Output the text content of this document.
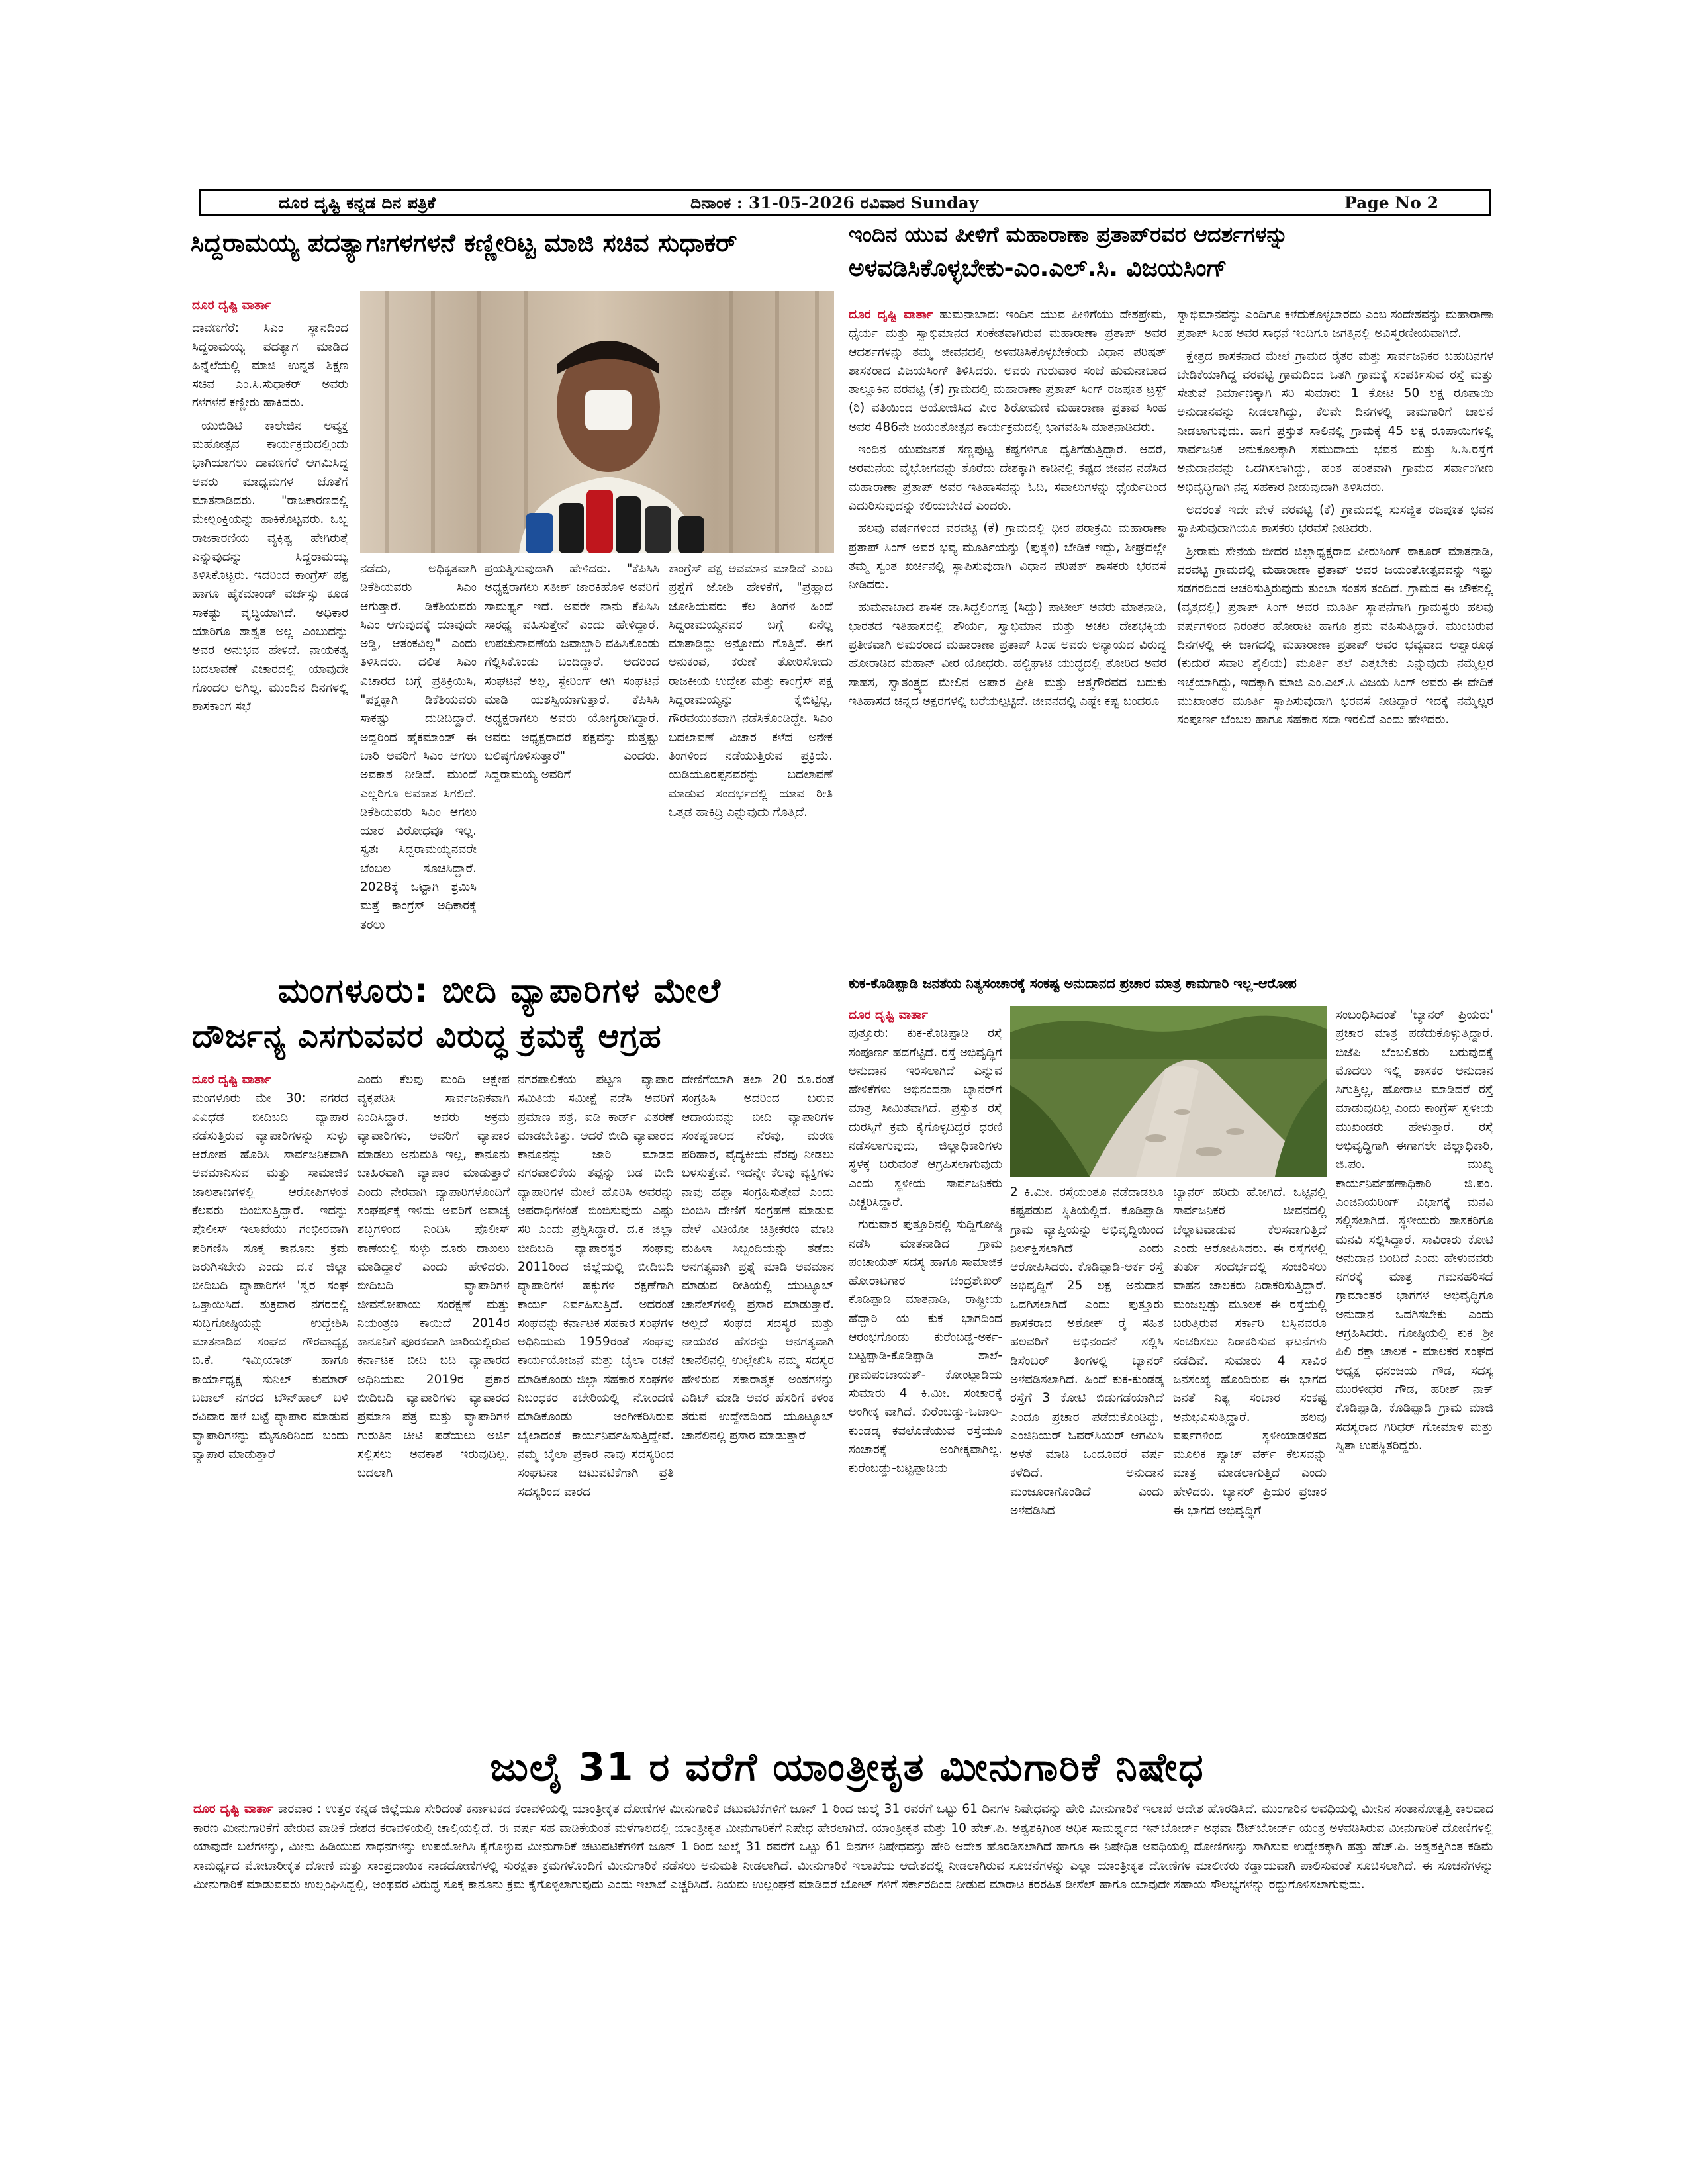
ದೂರ ದೃಷ್ಟಿ ಕನ್ನಡ ದಿನ ಪತ್ರಿಕೆ	ದಿನಾಂಕ : 31-05-2026 ರವಿವಾರ Sunday	Page No 2
ಸಿದ್ದರಾಮಯ್ಯ ಪದತ್ಯಾಗಃಗಳಗಳನೆ ಕಣ್ಣೀರಿಟ್ಟ ಮಾಜಿ ಸಚಿವ ಸುಧಾಕರ್

ದೂರ ದೃಷ್ಟಿ ವಾರ್ತಾ

ದಾವಣಗೆರೆ: ಸಿಎಂ ಸ್ಥಾನದಿಂದ ಸಿದ್ದರಾಮಯ್ಯ ಪದತ್ಯಾಗ ಮಾಡಿದ ಹಿನ್ನೆಲೆಯಲ್ಲಿ ಮಾಜಿ ಉನ್ನತ ಶಿಕ್ಷಣ ಸಚಿವ ಎಂ.ಸಿ.ಸುಧಾಕರ್ ಅವರು ಗಳಗಳನೆ ಕಣ್ಣೀರು ಹಾಕಿದರು.

ಯುಬಿಡಿಟಿ ಕಾಲೇಜಿನ ಅವ್ಯಕ್ತ ಮಹೋತ್ಸವ ಕಾರ್ಯಕ್ರಮದಲ್ಲಿಂದು ಭಾಗಿಯಾಗಲು ದಾವಣಗೆರೆ ಆಗಮಿಸಿದ್ದ ಅವರು ಮಾಧ್ಯಮಗಳ ಜೊತೆಗೆ ಮಾತನಾಡಿದರು. "ರಾಜಕಾರಣದಲ್ಲಿ ಮೇಲ್ಪಂಕ್ತಿಯನ್ನು ಹಾಕಿಕೊಟ್ಟವರು. ಒಬ್ಬ ರಾಜಕಾರಣಿಯ ವ್ಯಕ್ತಿತ್ವ ಹೇಗಿರುತ್ತೆ ಎನ್ನುವುದನ್ನು ಸಿದ್ದರಾಮಯ್ಯ ತಿಳಿಸಿಕೊಟ್ಟರು. ಇದರಿಂದ ಕಾಂಗ್ರೆಸ್ ಪಕ್ಷ ಹಾಗೂ ಹೈಕಮಾಂಡ್ ವರ್ಚಸ್ಸು ಕೂಡ ಸಾಕಷ್ಟು ವೃದ್ಧಿಯಾಗಿದೆ. ಅಧಿಕಾರ ಯಾರಿಗೂ ಶಾಶ್ವತ ಅಲ್ಲ ಎಂಬುದನ್ನು ಅವರ ಅನುಭವ ಹೇಳಿದೆ. ನಾಯಕತ್ವ ಬದಲಾವಣೆ ವಿಚಾರದಲ್ಲಿ ಯಾವುದೇ ಗೊಂದಲ ಅಗಿಲ್ಲ. ಮುಂದಿನ ದಿನಗಳಲ್ಲಿ ಶಾಸಕಾಂಗ ಸಭೆ

ನಡೆದು, ಅಧಿಕೃತವಾಗಿ ಡಿಕೆಶಿಯವರು ಸಿಎಂ ಆಗುತ್ತಾರೆ. ಡಿಕೆಶಿಯವರು ಸಿಎಂ ಆಗುವುದಕ್ಕೆ ಯಾವುದೇ ಅಡ್ಡಿ, ಆತಂಕವಿಲ್ಲ" ಎಂದು ತಿಳಿಸಿದರು. ದಲಿತ ಸಿಎಂ ವಿಚಾರದ ಬಗ್ಗೆ ಪ್ರತಿಕ್ರಿಯಿಸಿ, "ಪಕ್ಷಕ್ಕಾಗಿ ಡಿಕೆಶಿಯವರು ಸಾಕಷ್ಟು ದುಡಿದಿದ್ದಾರೆ. ಅದ್ದರಿಂದ ಹೈಕಮಾಂಡ್ ಈ ಬಾರಿ ಅವರಿಗೆ ಸಿಎಂ ಆಗಲು ಅವಕಾಶ ನೀಡಿದೆ. ಮುಂದೆ ಎಲ್ಲರಿಗೂ ಅವಕಾಶ ಸಿಗಲಿದೆ. ಡಿಕೆಶಿಯವರು ಸಿಎಂ ಆಗಲು ಯಾರ ವಿರೋಧವೂ ಇಲ್ಲ. ಸ್ವತಃ ಸಿದ್ದರಾಮಯ್ಯನವರೇ ಬೆಂಬಲ ಸೂಚಿಸಿದ್ದಾರೆ. 2028ಕ್ಕೆ ಒಟ್ಟಾಗಿ ಶ್ರಮಿಸಿ ಮತ್ತೆ ಕಾಂಗ್ರೆಸ್ ಅಧಿಕಾರಕ್ಕೆ ತರಲು

ಪ್ರಯತ್ನಿಸುವುದಾಗಿ ಹೇಳಿದರು. "ಕೆಪಿಸಿಸಿ ಅಧ್ಯಕ್ಷರಾಗಲು ಸತೀಶ್ ಜಾರಕಿಹೊಳಿ ಅವರಿಗೆ ಸಾಮರ್ಥ್ಯ ಇದೆ. ಅವರೇ ನಾನು ಕೆಪಿಸಿಸಿ ಸಾರಥ್ಯ ವಹಿಸುತ್ತೇನೆ ಎಂದು ಹೇಳಿದ್ದಾರೆ. ಉಪಚುನಾವಣೆಯ ಜವಾಬ್ದಾರಿ ವಹಿಸಿಕೊಂಡು ಗೆಲ್ಲಿಸಿಕೊಂಡು ಬಂದಿದ್ದಾರೆ. ಅದರಿಂದ ಸಂಘಟನೆ ಅಲ್ಲ, ಸ್ಟೇರಿಂಗ್ ಆಗಿ ಸಂಘಟನೆ ಮಾಡಿ ಯಶಸ್ವಿಯಾಗುತ್ತಾರೆ. ಕೆಪಿಸಿಸಿ ಅಧ್ಯಕ್ಷರಾಗಲು ಅವರು ಯೋಗ್ಯರಾಗಿದ್ದಾರೆ. ಅವರು ಅಧ್ಯಕ್ಷರಾದರೆ ಪಕ್ಷವನ್ನು ಮತ್ತಷ್ಟು ಬಲಿಷ್ಠಗೊಳಿಸುತ್ತಾರೆ" ಎಂದರು. ಸಿದ್ದರಾಮಯ್ಯ ಅವರಿಗೆ

ಕಾಂಗ್ರೆಸ್ ಪಕ್ಷ ಅವಮಾನ ಮಾಡಿದೆ ಎಂಬ ಪ್ರಶ್ನೆಗೆ ಜೋಶಿ ಹೇಳಿಕೆಗೆ, "ಪ್ರಹ್ಲಾದ ಜೋಶಿಯವರು ಕೆಲ ತಿಂಗಳ ಹಿಂದೆ ಸಿದ್ದರಾಮಯ್ಯನವರ ಬಗ್ಗೆ ಏನೆಲ್ಲ ಮಾತಾಡಿದ್ದು ಅನ್ನೋದು ಗೊತ್ತಿದೆ. ಈಗ ಅನುಕಂಪ, ಕರುಣೆ ತೋರಿಸೋದು ರಾಜಕೀಯ ಉದ್ದೇಶ ಮತ್ತು ಕಾಂಗ್ರೆಸ್ ಪಕ್ಷ ಸಿದ್ದರಾಮಯ್ಯನ್ನು ಕೈಬಿಟ್ಟಿಲ್ಲ, ಗೌರವಯುತವಾಗಿ ನಡೆಸಿಕೊಂಡಿದ್ದೇ. ಸಿಎಂ ಬದಲಾವಣೆ ವಿಚಾರ ಕಳೆದ ಅನೇಕ ತಿಂಗಳಿಂದ ನಡೆಯುತ್ತಿರುವ ಪ್ರಕ್ರಿಯೆ. ಯಡಿಯೂರಪ್ಪನವರನ್ನು ಬದಲಾವಣೆ ಮಾಡುವ ಸಂದರ್ಭದಲ್ಲಿ ಯಾವ ರೀತಿ ಒತ್ತಡ ಹಾಕಿದ್ರಿ ಎನ್ನುವುದು ಗೊತ್ತಿದೆ.

ಇಂದಿನ ಯುವ ಪೀಳಿಗೆ ಮಹಾರಾಣಾ ಪ್ರತಾಪ್‌ರವರ ಆದರ್ಶಗಳನ್ನು
ಅಳವಡಿಸಿಕೊಳ್ಳಬೇಕು-ಎಂ.ಎಲ್.ಸಿ. ವಿಜಯಸಿಂಗ್

ದೂರ ದೃಷ್ಟಿ ವಾರ್ತಾ ಹುಮನಾಬಾದ: ಇಂದಿನ ಯುವ ಪೀಳಿಗೆಯು ದೇಶಪ್ರೇಮ, ಧೈರ್ಯ ಮತ್ತು ಸ್ವಾಭಿಮಾನದ ಸಂಕೇತವಾಗಿರುವ ಮಹಾರಾಣಾ ಪ್ರತಾಪ್ ಅವರ ಆದರ್ಶಗಳನ್ನು ತಮ್ಮ ಜೀವನದಲ್ಲಿ ಅಳವಡಿಸಿಕೊಳ್ಳಬೇಕೆಂದು ವಿಧಾನ ಪರಿಷತ್ ಶಾಸಕರಾದ ವಿಜಯಸಿಂಗ್ ತಿಳಿಸಿದರು. ಅವರು ಗುರುವಾರ ಸಂಜೆ ಹುಮನಾಬಾದ ತಾಲ್ಲೂಕಿನ ವರವಟ್ಟಿ (ಕೆ) ಗ್ರಾಮದಲ್ಲಿ ಮಹಾರಾಣಾ ಪ್ರತಾಪ್ ಸಿಂಗ್ ರಜಪೂತ ಟ್ರಸ್ಟ್ (ರಿ) ವತಿಯಿಂದ ಆಯೋಜಿಸಿದ ವೀರ ಶಿರೋಮಣಿ ಮಹಾರಾಣಾ ಪ್ರತಾಪ ಸಿಂಹ ಅವರ 486ನೇ ಜಯಂತೋತ್ಸವ ಕಾರ್ಯಕ್ರಮದಲ್ಲಿ ಭಾಗವಹಿಸಿ ಮಾತನಾಡಿದರು.

ಇಂದಿನ ಯುವಜನತೆ ಸಣ್ಣಪುಟ್ಟ ಕಷ್ಟಗಳಿಗೂ ಧೃತಿಗೆಡುತ್ತಿದ್ದಾರೆ. ಆದರೆ, ಅರಮನೆಯ ವೈಭೋಗವನ್ನು ತೊರೆದು ದೇಶಕ್ಕಾಗಿ ಕಾಡಿನಲ್ಲಿ ಕಷ್ಟದ ಜೀವನ ನಡೆಸಿದ ಮಹಾರಾಣಾ ಪ್ರತಾಪ್ ಅವರ ಇತಿಹಾಸವನ್ನು ಓದಿ, ಸವಾಲುಗಳನ್ನು ಧೈರ್ಯದಿಂದ ಎದುರಿಸುವುದನ್ನು ಕಲಿಯಬೇಕಿದೆ ಎಂದರು.

ಹಲವು ವರ್ಷಗಳಿಂದ ವರವಟ್ಟಿ (ಕೆ) ಗ್ರಾಮದಲ್ಲಿ ಧೀರ ಪರಾಕ್ರಮಿ ಮಹಾರಾಣಾ ಪ್ರತಾಪ್ ಸಿಂಗ್ ಅವರ ಭವ್ಯ ಮೂರ್ತಿಯನ್ನು (ಪುತ್ಥಳಿ) ಬೇಡಿಕೆ ಇದ್ದು, ಶೀಘ್ರದಲ್ಲೇ ತಮ್ಮ ಸ್ವಂತ ಖರ್ಚಿನಲ್ಲಿ ಸ್ಥಾಪಿಸುವುದಾಗಿ ವಿಧಾನ ಪರಿಷತ್ ಶಾಸಕರು ಭರವಸೆ ನೀಡಿದರು.

ಹುಮನಾಬಾದ ಶಾಸಕ ಡಾ.ಸಿದ್ದಲಿಂಗಪ್ಪ (ಸಿದ್ದು) ಪಾಟೀಲ್ ಅವರು ಮಾತನಾಡಿ, ಭಾರತದ ಇತಿಹಾಸದಲ್ಲಿ ಶೌರ್ಯ, ಸ್ವಾಭಿಮಾನ ಮತ್ತು ಅಚಲ ದೇಶಭಕ್ತಿಯ ಪ್ರತೀಕವಾಗಿ ಅಮರರಾದ ಮಹಾರಾಣಾ ಪ್ರತಾಪ್ ಸಿಂಹ ಅವರು ಅನ್ಯಾಯದ ವಿರುದ್ಧ ಹೋರಾಡಿದ ಮಹಾನ್ ವೀರ ಯೋಧರು. ಹಲ್ದಿಘಾಟಿ ಯುದ್ಧದಲ್ಲಿ ತೋರಿದ ಅವರ ಸಾಹಸ, ಸ್ವಾತಂತ್ರ್ಯದ ಮೇಲಿನ ಅಪಾರ ಪ್ರೀತಿ ಮತ್ತು ಆತ್ಮಗೌರವದ ಬದುಕು ಇತಿಹಾಸದ ಚಿನ್ನದ ಅಕ್ಷರಗಳಲ್ಲಿ ಬರೆಯಲ್ಪಟ್ಟಿದೆ. ಜೀವನದಲ್ಲಿ ಎಷ್ಟೇ ಕಷ್ಟ ಬಂದರೂ

ಸ್ವಾಭಿಮಾನವನ್ನು ಎಂದಿಗೂ ಕಳೆದುಕೊಳ್ಳಬಾರದು ಎಂಬ ಸಂದೇಶವನ್ನು ಮಹಾರಾಣಾ ಪ್ರತಾಪ್ ಸಿಂಹ ಅವರ ಸಾಧನೆ ಇಂದಿಗೂ ಜಗತ್ತಿನಲ್ಲಿ ಅವಿಸ್ಮರಣೀಯವಾಗಿದೆ.

ಕ್ಷೇತ್ರದ ಶಾಸಕನಾದ ಮೇಲೆ ಗ್ರಾಮದ ರೈತರ ಮತ್ತು ಸಾರ್ವಜನಿಕರ ಬಹುದಿನಗಳ ಬೇಡಿಕೆಯಾಗಿದ್ದ ವರವಟ್ಟಿ ಗ್ರಾಮದಿಂದ ಓತಗಿ ಗ್ರಾಮಕ್ಕೆ ಸಂಪರ್ಕಿಸುವ ರಸ್ತೆ ಮತ್ತು ಸೇತುವೆ ನಿರ್ಮಾಣಕ್ಕಾಗಿ ಸರಿ ಸುಮಾರು 1 ಕೋಟಿ 50 ಲಕ್ಷ ರೂಪಾಯಿ ಅನುದಾನವನ್ನು ನೀಡಲಾಗಿದ್ದು, ಕೆಲವೇ ದಿನಗಳಲ್ಲಿ ಕಾಮಗಾರಿಗೆ ಚಾಲನೆ ನೀಡಲಾಗುವುದು. ಹಾಗೆ ಪ್ರಸ್ತುತ ಸಾಲಿನಲ್ಲಿ ಗ್ರಾಮಕ್ಕೆ 45 ಲಕ್ಷ ರೂಪಾಯಿಗಳಲ್ಲಿ ಸಾರ್ವಜನಿಕ ಅನುಕೂಲಕ್ಕಾಗಿ ಸಮುದಾಯ ಭವನ ಮತ್ತು ಸಿ.ಸಿ.ರಸ್ತೆಗೆ ಅನುದಾನವನ್ನು ಒದಗಿಸಲಾಗಿದ್ದು, ಹಂತ ಹಂತವಾಗಿ ಗ್ರಾಮದ ಸರ್ವಾಂಗೀಣ ಅಭಿವೃದ್ಧಿಗಾಗಿ ನನ್ನ ಸಹಕಾರ ನೀಡುವುದಾಗಿ ತಿಳಿಸಿದರು.

ಅದರಂತೆ ಇದೇ ವೇಳೆ ವರವಟ್ಟಿ (ಕೆ) ಗ್ರಾಮದಲ್ಲಿ ಸುಸಜ್ಜಿತ ರಜಪೂತ ಭವನ ಸ್ಥಾಪಿಸುವುದಾಗಿಯೂ ಶಾಸಕರು ಭರವಸೆ ನೀಡಿದರು.

ಶ್ರೀರಾಮ ಸೇನೆಯ ಬೀದರ ಜಿಲ್ಲಾಧ್ಯಕ್ಷರಾದ ವೀರುಸಿಂಗ್ ಠಾಕೂರ್ ಮಾತನಾಡಿ, ವರವಟ್ಟಿ ಗ್ರಾಮದಲ್ಲಿ ಮಹಾರಾಣಾ ಪ್ರತಾಪ್ ಅವರ ಜಯಂತೋತ್ಸವವನ್ನು ಇಷ್ಟು ಸಡಗರದಿಂದ ಆಚರಿಸುತ್ತಿರುವುದು ತುಂಬಾ ಸಂತಸ ತಂದಿದೆ. ಗ್ರಾಮದ ಈ ಚೌಕನಲ್ಲಿ (ವೃತ್ತದಲ್ಲಿ) ಪ್ರತಾಪ್ ಸಿಂಗ್ ಅವರ ಮೂರ್ತಿ ಸ್ಥಾಪನೆಗಾಗಿ ಗ್ರಾಮಸ್ಥರು ಹಲವು ವರ್ಷಗಳಿಂದ ನಿರಂತರ ಹೋರಾಟ ಹಾಗೂ ಶ್ರಮ ವಹಿಸುತ್ತಿದ್ದಾರೆ. ಮುಂಬರುವ ದಿನಗಳಲ್ಲಿ ಈ ಜಾಗದಲ್ಲಿ ಮಹಾರಾಣಾ ಪ್ರತಾಪ್ ಅವರ ಭವ್ಯವಾದ ಅಶ್ವಾರೂಢ (ಕುದುರೆ ಸವಾರಿ ಶೈಲಿಯ) ಮೂರ್ತಿ ತಲೆ ಎತ್ತಬೇಕು ಎನ್ನುವುದು ನಮ್ಮೆಲ್ಲರ ಇಚ್ಛೆಯಾಗಿದ್ದು, ಇದಕ್ಕಾಗಿ ಮಾಜಿ ಎಂ.ಎಲ್.ಸಿ ವಿಜಯ ಸಿಂಗ್ ಅವರು ಈ ವೇದಿಕೆ ಮುಖಾಂತರ ಮೂರ್ತಿ ಸ್ಥಾಪಿಸುವುದಾಗಿ ಭರವಸೆ ನೀಡಿದ್ದಾರೆ ಇದಕ್ಕೆ ನಮ್ಮೆಲ್ಲರ ಸಂಪೂರ್ಣ ಬೆಂಬಲ ಹಾಗೂ ಸಹಕಾರ ಸದಾ ಇರಲಿದೆ ಎಂದು ಹೇಳಿದರು.

ಮಂಗಳೂರು: ಬೀದಿ ವ್ಯಾಪಾರಿಗಳ ಮೇಲೆ
ದೌರ್ಜನ್ಯ ಎಸಗುವವರ ವಿರುದ್ಧ ಕ್ರಮಕ್ಕೆ ಆಗ್ರಹ

ದೂರ ದೃಷ್ಟಿ ವಾರ್ತಾ
ಮಂಗಳೂರು ಮೇ 30: ನಗರದ ವಿವಿಧೆಡೆ ಬೀದಿಬದಿ ವ್ಯಾಪಾರ ನಡೆಸುತ್ತಿರುವ ವ್ಯಾಪಾರಿಗಳನ್ನು ಸುಳ್ಳು ಆರೋಪ ಹೊರಿಸಿ ಸಾರ್ವಜನಿಕವಾಗಿ ಅವಮಾನಿಸುವ ಮತ್ತು ಸಾಮಾಜಿಕ ಜಾಲತಾಣಗಳಲ್ಲಿ ಆರೋಪಿಗಳಂತೆ ಕೆಲವರು ಬಿಂಬಿಸುತ್ತಿದ್ದಾರೆ. ಇದನ್ನು ಪೊಲೀಸ್ ಇಲಾಖೆಯು ಗಂಭೀರವಾಗಿ ಪರಿಗಣಿಸಿ ಸೂಕ್ತ ಕಾನೂನು ಕ್ರಮ ಜರುಗಿಸಬೇಕು ಎಂದು ದ.ಕ ಜಿಲ್ಲಾ ಬೀದಿಬದಿ ವ್ಯಾಪಾರಿಗಳ 'ಸ್ವರ ಸಂಘ ಒತ್ತಾಯಿಸಿದೆ. ಶುಕ್ರವಾರ ನಗರದಲ್ಲಿ ಸುದ್ದಿಗೋಷ್ಠಿಯನ್ನು ಉದ್ದೇಶಿಸಿ ಮಾತನಾಡಿದ ಸಂಘದ ಗೌರವಾಧ್ಯಕ್ಷ ಬಿ.ಕೆ. ಇಮ್ತಿಯಾಜ್ ಹಾಗೂ ಕಾರ್ಯಾಧ್ಯಕ್ಷ ಸುನಿಲ್ ಕುಮಾರ್ ಬಜಾಲ್ ನಗರದ ಟೌನ್‌ಹಾಲ್ ಬಳಿ ರವಿವಾರ ಹಳೆ ಬಟ್ಟೆ ವ್ಯಾಪಾರ ಮಾಡುವ ವ್ಯಾಪಾರಿಗಳನ್ನು ಮೈಸೂರಿನಿಂದ ಬಂದು ವ್ಯಾಪಾರ ಮಾಡುತ್ತಾರೆ

ಎಂದು ಕೆಲವು ಮಂದಿ ಆಕ್ಷೇಪ ವ್ಯಕ್ತಪಡಿಸಿ ಸಾರ್ವಜನಿಕವಾಗಿ ನಿಂದಿಸಿದ್ದಾರೆ. ಅವರು ಅಕ್ರಮ ವ್ಯಾಪಾರಿಗಳು, ಅವರಿಗೆ ವ್ಯಾಪಾರ ಮಾಡಲು ಅನುಮತಿ ಇಲ್ಲ, ಕಾನೂನು ಬಾಹಿರವಾಗಿ ವ್ಯಾಪಾರ ಮಾಡುತ್ತಾರೆ ಎಂದು ನೇರವಾಗಿ ವ್ಯಾಪಾರಿಗಳೊಂದಿಗೆ ಸಂಘರ್ಷಕ್ಕೆ ಇಳಿದು ಅವರಿಗೆ ಅವಾಚ್ಯ ಶಬ್ದಗಳಿಂದ ನಿಂದಿಸಿ ಪೊಲೀಸ್ ಠಾಣೆಯಲ್ಲಿ ಸುಳ್ಳು ದೂರು ದಾಖಲು ಮಾಡಿದ್ದಾರೆ ಎಂದು ಹೇಳಿದರು. ಬೀದಿಬದಿ ವ್ಯಾಪಾರಿಗಳ ಜೀವನೋಪಾಯ ಸಂರಕ್ಷಣೆ ಮತ್ತು ನಿಯಂತ್ರಣ ಕಾಯಿದೆ 2014ರ ಕಾನೂನಿಗೆ ಪೂರಕವಾಗಿ ಜಾರಿಯಲ್ಲಿರುವ ಕರ್ನಾಟಕ ಬೀದಿ ಬದಿ ವ್ಯಾಪಾರದ ಅಧಿನಿಯಮ 2019ರ ಪ್ರಕಾರ ಬೀದಿಬದಿ ವ್ಯಾಪಾರಿಗಳು ವ್ಯಾಪಾರದ ಪ್ರಮಾಣ ಪತ್ರ ಮತ್ತು ವ್ಯಾಪಾರಿಗಳ ಗುರುತಿನ ಚೀಟಿ ಪಡೆಯಲು ಅರ್ಜಿ ಸಲ್ಲಿಸಲು ಅವಕಾಶ ಇರುವುದಿಲ್ಲ. ಬದಲಾಗಿ

ನಗರಪಾಲಿಕೆಯ ಪಟ್ಟಣ ವ್ಯಾಪಾರ ಸಮಿತಿಯ ಸಮೀಕ್ಷೆ ನಡೆಸಿ ಅವರಿಗೆ ಪ್ರಮಾಣ ಪತ್ರ, ಐಡಿ ಕಾರ್ಡ್ ವಿತರಣೆ ಮಾಡಬೇಕಿತ್ತು. ಆದರೆ ಬೀದಿ ವ್ಯಾಪಾರದ ಕಾನೂನನ್ನು ಜಾರಿ ಮಾಡದ ನಗರಪಾಲಿಕೆಯ ತಪ್ಪನ್ನು ಬಡ ಬೀದಿ ವ್ಯಾಪಾರಿಗಳ ಮೇಲೆ ಹೊರಿಸಿ ಅವರನ್ನು ಅಪರಾಧಿಗಳಂತೆ ಬಿಂಬಿಸುವುದು ಎಷ್ಟು ಸರಿ ಎಂದು ಪ್ರಶ್ನಿಸಿದ್ದಾರೆ. ದ.ಕ ಜಿಲ್ಲಾ ಬೀದಿಬದಿ ವ್ಯಾಪಾರಸ್ಥರ ಸಂಘವು 2011ರಿಂದ ಜಿಲ್ಲೆಯಲ್ಲಿ ಬೀದಿಬದಿ ವ್ಯಾಪಾರಿಗಳ ಹಕ್ಕುಗಳ ರಕ್ಷಣೆಗಾಗಿ ಕಾರ್ಯ ನಿರ್ವಹಿಸುತ್ತಿದೆ. ಅದರಂತೆ ಸಂಘವನ್ನು ಕರ್ನಾಟಕ ಸಹಕಾರ ಸಂಘಗಳ ಅಧಿನಿಯಮ 1959ರಂತೆ ಸಂಘವು ಕಾರ್ಯಯೋಜನೆ ಮತ್ತು ಬೈಲಾ ರಚನೆ ಮಾಡಿಕೊಂಡು ಜಿಲ್ಲಾ ಸಹಕಾರ ಸಂಘಗಳ ನಿಬಂಧಕರ ಕಚೇರಿಯಲ್ಲಿ ನೋಂದಣಿ ಮಾಡಿಕೊಂಡು ಅಂಗೀಕರಿಸಿರುವ ಬೈಲಾದಂತೆ ಕಾರ್ಯನಿರ್ವಹಿಸುತ್ತಿದ್ದೇವೆ. ನಮ್ಮ ಬೈಲಾ ಪ್ರಕಾರ ನಾವು ಸದಸ್ಯರಿಂದ ಸಂಘಟನಾ ಚಟುವಟಿಕೆಗಾಗಿ ಪ್ರತಿ ಸದಸ್ಯರಿಂದ ವಾರದ

ದೇಣಿಗೆಯಾಗಿ ತಲಾ 20 ರೂ.ರಂತೆ ಸಂಗ್ರಹಿಸಿ ಅದರಿಂದ ಬರುವ ಆದಾಯವನ್ನು ಬೀದಿ ವ್ಯಾಪಾರಿಗಳ ಸಂಕಷ್ಟಕಾಲದ ನೆರವು, ಮರಣ ಪರಿಹಾರ, ವೈದ್ಯಕೀಯ ನೆರವು ನೀಡಲು ಬಳಸುತ್ತೇವೆ. ಇದನ್ನೇ ಕೆಲವು ವ್ಯಕ್ತಿಗಳು ನಾವು ಹಫ್ತಾ ಸಂಗ್ರಹಿಸುತ್ತೇವೆ ಎಂದು ಬಿಂಬಿಸಿ ದೇಣಿಗೆ ಸಂಗ್ರಹಣೆ ಮಾಡುವ ವೇಳೆ ವಿಡಿಯೋ ಚಿತ್ರೀಕರಣ ಮಾಡಿ ಮಹಿಳಾ ಸಿಬ್ಬಂದಿಯನ್ನು ತಡೆದು ಅನಗತ್ಯವಾಗಿ ಪ್ರಶ್ನೆ ಮಾಡಿ ಅವಮಾನ ಮಾಡುವ ರೀತಿಯಲ್ಲಿ ಯುಟ್ಯೂಬ್ ಚಾನೆಲ್‌ಗಳಲ್ಲಿ ಪ್ರಸಾರ ಮಾಡುತ್ತಾರೆ. ಅಲ್ಲದೆ ಸಂಘದ ಸದಸ್ಯರ ಮತ್ತು ನಾಯಕರ ಹೆಸರನ್ನು ಅನಗತ್ಯವಾಗಿ ಚಾನೆಲಿನಲ್ಲಿ ಉಲ್ಲೇಖಿಸಿ ನಮ್ಮ ಸದಸ್ಯರ ಹೇಳಿರುವ ಸಕಾರಾತ್ಮಕ ಅಂಶಗಳನ್ನು ಎಡಿಟ್ ಮಾಡಿ ಅವರ ಹೆಸರಿಗೆ ಕಳಂಕ ತರುವ ಉದ್ದೇಶದಿಂದ ಯೂಟ್ಯೂಬ್ ಚಾನೆಲಿನಲ್ಲಿ ಪ್ರಸಾರ ಮಾಡುತ್ತಾರೆ

ಕುಕ-ಕೊಡಿಪ್ಪಾಡಿ ಜನತೆಯ ನಿತ್ಯಸಂಚಾರಕ್ಕೆ ಸಂಕಷ್ಟ ಅನುದಾನದ ಪ್ರಚಾರ ಮಾತ್ರ ಕಾಮಗಾರಿ ಇಲ್ಲ-ಆರೋಪ

ದೂರ ದೃಷ್ಟಿ ವಾರ್ತಾ
ಪುತ್ತೂರು: ಕುಕ-ಕೊಡಿಪ್ಪಾಡಿ ರಸ್ತೆ ಸಂಪೂರ್ಣ ಹದಗೆಟ್ಟಿದೆ. ರಸ್ತೆ ಅಭಿವೃದ್ಧಿಗೆ ಅನುದಾನ ಇರಿಸಲಾಗಿದೆ ಎನ್ನುವ ಹೇಳಿಕೆಗಳು ಅಭಿನಂದನಾ ಬ್ಯಾನರ್‌ಗೆ ಮಾತ್ರ ಸೀಮಿತವಾಗಿದೆ. ಪ್ರಸ್ತುತ ರಸ್ತೆ ದುರಸ್ತಿಗೆ ಕ್ರಮ ಕೈಗೊಳ್ಳದಿದ್ದರೆ ಧರಣಿ ನಡೆಸಲಾಗುವುದು, ಜಿಲ್ಲಾಧಿಕಾರಿಗಳು ಸ್ಥಳಕ್ಕೆ ಬರುವಂತೆ ಆಗ್ರಹಿಸಲಾಗುವುದು ಎಂದು ಸ್ಥಳೀಯ ಸಾರ್ವಜನಿಕರು ಎಚ್ಚರಿಸಿದ್ದಾರೆ.

ಗುರುವಾರ ಪುತ್ತೂರಿನಲ್ಲಿ ಸುದ್ದಿಗೋಷ್ಠಿ ನಡೆಸಿ ಮಾತನಾಡಿದ ಗ್ರಾಮ ಪಂಚಾಯತ್ ಸದಸ್ಯ ಹಾಗೂ ಸಾಮಾಜಿಕ ಹೋರಾಟಗಾರ ಚಂದ್ರಶೇಖರ್ ಕೊಡಿಪ್ಪಾಡಿ ಮಾತನಾಡಿ, ರಾಷ್ಟ್ರೀಯ ಹೆದ್ದಾರಿ ಯ ಕುಕ ಭಾಗದಿಂದ ಆರಂಭಗೊಂಡು ಕುರೆಂಬಡ್ಡ-ಅರ್ಕ- ಬಟ್ಟಪ್ಪಾಡಿ-ಕೊಡಿಪ್ಪಾಡಿ ಶಾಲೆ-ಗ್ರಾಮಪಂಚಾಯತ್- ಕೋಂಟ್ಪಾಡಿಯ ಸುಮಾರು 4 ಕಿ.ಮೀ. ಸಂಚಾರಕ್ಕೆ ಅಂಗೀಕ್ಕ ವಾಗಿದೆ. ಕುರೆಂಬಡ್ಡು-ಓಜಾಲ- ಕುಂಡಡ್ಕ ಕವಲೊಡೆಯುವ ರಸ್ತೆಯೂ ಸಂಚಾರಕ್ಕೆ ಅಂಗೀಕ್ಕವಾಗಿಲ್ಲ. ಕುರೆಂಬಡ್ಡು-ಬಟ್ಟಪ್ಪಾಡಿಯ

2 ಕಿ.ಮೀ. ರಸ್ತೆಯಂತೂ ನಡೆದಾಡಲೂ ಕಷ್ಟಪಡುವ ಸ್ಥಿತಿಯಲ್ಲಿದೆ. ಕೊಡಿಪ್ಪಾಡಿ ಗ್ರಾಮ ವ್ಯಾಪ್ತಿಯನ್ನು ಅಭಿವೃದ್ಧಿಯಿಂದ ನಿರ್ಲಕ್ಷಿಸಲಾಗಿದೆ ಎಂದು ಆರೋಪಿಸಿದರು. ಕೊಡಿಪ್ಪಾಡಿ-ಅರ್ಕ ರಸ್ತೆ ಅಭಿವೃದ್ಧಿಗೆ 25 ಲಕ್ಷ ಅನುದಾನ ಒದಗಿಸಲಾಗಿದೆ ಎಂದು ಪುತ್ತೂರು ಶಾಸಕರಾದ ಅಶೋಕ್ ರೈ ಸಹಿತ ಹಲವರಿಗೆ ಅಭಿನಂದನೆ ಸಲ್ಲಿಸಿ ಡಿಸೆಂಬರ್ ತಿಂಗಳಲ್ಲಿ ಬ್ಯಾನರ್ ಅಳವಡಿಸಲಾಗಿದೆ. ಹಿಂದೆ ಕುಕ-ಕುಂಡಡ್ಕ ರಸ್ತೆಗೆ 3 ಕೋಟಿ ಬಿಡುಗಡೆಯಾಗಿದೆ ಎಂದೂ ಪ್ರಚಾರ ಪಡೆದುಕೊಂಡಿದ್ದು, ಎಂಜಿನಿಯರ್ ಓವರ್‌ಸಿಯರ್ ಆಗಮಿಸಿ ಅಳತೆ ಮಾಡಿ ಒಂದೂವರೆ ವರ್ಷ ಕಳೆದಿದೆ. ಅನುದಾನ ಮಂಜೂರಾಗೊಂಡಿದೆ ಎಂದು ಅಳವಡಿಸಿದ

ಬ್ಯಾನರ್ ಹರಿದು ಹೋಗಿದೆ. ಒಟ್ಟಿನಲ್ಲಿ ಸಾರ್ವಜನಿಕರ ಜೀವನದಲ್ಲಿ ಚೆಲ್ಲಾಟವಾಡುವ ಕೆಲಸವಾಗುತ್ತಿದೆ ಎಂದು ಆರೋಪಿಸಿದರು. ಈ ರಸ್ತೆಗಳಲ್ಲಿ ತುರ್ತು ಸಂದರ್ಭದಲ್ಲಿ ಸಂಚರಿಸಲು ವಾಹನ ಚಾಲಕರು ನಿರಾಕರಿಸುತ್ತಿದ್ದಾರೆ. ಮಂಜಲ್ಪಡ್ಪು ಮೂಲಕ ಈ ರಸ್ತೆಯಲ್ಲಿ ಬರುತ್ತಿರುವ ಸರ್ಕಾರಿ ಬಸ್ಸಿನವರೂ ಸಂಚರಿಸಲು ನಿರಾಕರಿಸುವ ಘಟನೆಗಳು ನಡೆದಿವೆ. ಸುಮಾರು 4 ಸಾವಿರ ಜನಸಂಖ್ಯೆ ಹೊಂದಿರುವ ಈ ಭಾಗದ ಜನತೆ ನಿತ್ಯ ಸಂಚಾರ ಸಂಕಷ್ಟ ಅನುಭವಿಸುತ್ತಿದ್ದಾರೆ. ಹಲವು ವರ್ಷಗಳಿಂದ ಸ್ಥಳೀಯಾಡಳಿತದ ಮೂಲಕ ಪ್ಯಾಚ್ ವರ್ಕ್ ಕೆಲಸವನ್ನು ಮಾತ್ರ ಮಾಡಲಾಗುತ್ತಿದೆ ಎಂದು ಹೇಳಿದರು. ಬ್ಯಾನರ್ ಪ್ರಿಯರ ಪ್ರಚಾರ ಈ ಭಾಗದ ಅಭಿವೃದ್ಧಿಗೆ

ಸಂಬಂಧಿಸಿದಂತೆ 'ಬ್ಯಾನರ್ ಪ್ರಿಯರು' ಪ್ರಚಾರ ಮಾತ್ರ ಪಡೆದುಕೊಳ್ಳುತ್ತಿದ್ದಾರೆ. ಬಿಜೆಪಿ ಬೆಂಬಲಿತರು ಬರುವುದಕ್ಕೆ ಮೊದಲು ಇಲ್ಲಿ ಶಾಸಕರ ಅನುದಾನ ಸಿಗುತ್ತಿಲ್ಲ, ಹೋರಾಟ ಮಾಡಿದರೆ ರಸ್ತೆ ಮಾಡುವುದಿಲ್ಲ ಎಂದು ಕಾಂಗ್ರೆಸ್ ಸ್ಥಳೀಯ ಮುಖಂಡರು ಹೇಳುತ್ತಾರೆ. ರಸ್ತೆ ಅಭಿವೃದ್ಧಿಗಾಗಿ ಈಗಾಗಲೇ ಜಿಲ್ಲಾಧಿಕಾರಿ, ಜಿ.ಪಂ. ಮುಖ್ಯ ಕಾರ್ಯನಿರ್ವಹಣಾಧಿಕಾರಿ ಜಿ.ಪಂ. ಎಂಜಿನಿಯರಿಂಗ್ ವಿಭಾಗಕ್ಕೆ ಮನವಿ ಸಲ್ಲಿಸಲಾಗಿದೆ. ಸ್ಥಳೀಯರು ಶಾಸಕರಿಗೂ ಮನವಿ ಸಲ್ಲಿಸಿದ್ದಾರೆ. ಸಾವಿರಾರು ಕೋಟಿ ಅನುದಾನ ಬಂದಿದೆ ಎಂದು ಹೇಳುವವರು ನಗರಕ್ಕೆ ಮಾತ್ರ ಗಮನಹರಿಸದೆ ಗ್ರಾಮಾಂತರ ಭಾಗಗಳ ಅಭಿವೃದ್ಧಿಗೂ ಅನುದಾನ ಒದಗಿಸಬೇಕು ಎಂದು ಆಗ್ರಹಿಸಿದರು. ಗೋಷ್ಠಿಯಲ್ಲಿ ಕುಕ ಶ್ರೀ ಪಿಲಿ ರಕ್ತಾ ಚಾಲಕ - ಮಾಲಕರ ಸಂಘದ ಅಧ್ಯಕ್ಷ ಧನಂಜಯ ಗೌಡ, ಸದಸ್ಯ ಮುರಳೀಧರ ಗೌಡ, ಹರೀಶ್ ನಾಕ್ ಕೊಡಿಪ್ಪಾಡಿ, ಕೊಡಿಪ್ಪಾಡಿ ಗ್ರಾಮ ಮಾಜಿ ಸದಸ್ಯರಾದ ಗಿರಿಧರ್ ಗೋಮಾಳಿ ಮತ್ತು ಸ್ವಿತಾ ಉಪಸ್ಥಿತರಿದ್ದರು.

ಜುಲೈ 31 ರ ವರೆಗೆ ಯಾಂತ್ರೀಕೃತ ಮೀನುಗಾರಿಕೆ ನಿಷೇಧ

ದೂರ ದೃಷ್ಟಿ ವಾರ್ತಾ ಕಾರವಾರ : ಉತ್ತರ ಕನ್ನಡ ಜಿಲ್ಲೆಯೂ ಸೇರಿದಂತೆ ಕರ್ನಾಟಕದ ಕರಾವಳಿಯಲ್ಲಿ ಯಾಂತ್ರೀಕೃತ ದೋಣಿಗಳ ಮೀನುಗಾರಿಕೆ ಚಟುವಟಿಕೆಗಳಿಗೆ ಜೂನ್ 1 ರಿಂದ ಜುಲೈ 31 ರವರೆಗೆ ಒಟ್ಟು 61 ದಿನಗಳ ನಿಷೇಧವನ್ನು ಹೇರಿ ಮೀನುಗಾರಿಕೆ ಇಲಾಖೆ ಆದೇಶ ಹೊರಡಿಸಿದೆ. ಮುಂಗಾರಿನ ಅವಧಿಯಲ್ಲಿ ಮೀನಿನ ಸಂತಾನೋತ್ಪತ್ತಿ ಕಾಲವಾದ ಕಾರಣ ಮೀನುಗಾರಿಕೆಗೆ ಹೇರುವ ವಾಡಿಕೆ ದೇಶದ ಕರಾವಳಿಯಲ್ಲಿ ಚಾಲ್ತಿಯಲ್ಲಿದೆ. ಈ ವರ್ಷ ಸಹ ವಾಡಿಕೆಯಂತೆ ಮಳೆಗಾಲದಲ್ಲಿ ಯಾಂತ್ರೀಕೃತ ಮೀನುಗಾರಿಕೆಗೆ ನಿಷೇಧ ಹೇರಲಾಗಿದೆ. ಯಾಂತ್ರೀಕೃತ ಮತ್ತು 10 ಹೆಚ್.ಪಿ. ಅಶ್ವಶಕ್ತಿಗಿಂತ ಅಧಿಕ ಸಾಮರ್ಥ್ಯದ ಇನ್‌ಬೋರ್ಡ್ ಅಥವಾ ಔಟ್‌ಬೋರ್ಡ್ ಯಂತ್ರ ಅಳವಡಿಸಿರುವ ಮೀನುಗಾರಿಕೆ ದೋಣಿಗಳಲ್ಲಿ ಯಾವುದೇ ಬಲೆಗಳನ್ನು, ಮೀನು ಹಿಡಿಯುವ ಸಾಧನಗಳನ್ನು ಉಪಯೋಗಿಸಿ ಕೈಗೊಳ್ಳುವ ಮೀನುಗಾರಿಕೆ ಚಟುವಟಿಕೆಗಳಿಗೆ ಜೂನ್ 1 ರಿಂದ ಜುಲೈ 31 ರವರೆಗೆ ಒಟ್ಟು 61 ದಿನಗಳ ನಿಷೇಧವನ್ನು ಹೇರಿ ಆದೇಶ ಹೊರಡಿಸಲಾಗಿದೆ ಹಾಗೂ ಈ ನಿಷೇಧಿತ ಅವಧಿಯಲ್ಲಿ ದೋಣಿಗಳನ್ನು ಸಾಗಿಸುವ ಉದ್ದೇಶಕ್ಕಾಗಿ ಹತ್ತು ಹೆಚ್.ಪಿ. ಅಶ್ವಶಕ್ತಿಗಿಂತ ಕಡಿಮೆ ಸಾಮರ್ಥ್ಯದ ಮೋಟಾರೀಕೃತ ದೋಣಿ ಮತ್ತು ಸಾಂಪ್ರದಾಯಿಕ ನಾಡದೋಣಿಗಳಲ್ಲಿ ಸುರಕ್ಷತಾ ಕ್ರಮಗಳೊಂದಿಗೆ ಮೀನುಗಾರಿಕೆ ನಡೆಸಲು ಅನುಮತಿ ನೀಡಲಾಗಿದೆ. ಮೀನುಗಾರಿಕೆ ಇಲಾಖೆಯ ಆದೇಶದಲ್ಲಿ ನೀಡಲಾಗಿರುವ ಸೂಚನೆಗಳನ್ನು ಎಲ್ಲಾ ಯಾಂತ್ರೀಕೃತ ದೋಣಿಗಳ ಮಾಲೀಕರು ಕಡ್ಡಾಯವಾಗಿ ಪಾಲಿಸುವಂತೆ ಸೂಚಿಸಲಾಗಿದೆ. ಈ ಸೂಚನೆಗಳನ್ನು ಮೀನುಗಾರಿಕೆ ಮಾಡುವವರು ಉಲ್ಲಂಘಿಸಿದ್ದಲ್ಲಿ, ಅಂಥವರ ವಿರುದ್ಧ ಸೂಕ್ತ ಕಾನೂನು ಕ್ರಮ ಕೈಗೊಳ್ಳಲಾಗುವುದು ಎಂದು ಇಲಾಖೆ ಎಚ್ಚರಿಸಿದೆ. ನಿಯಮ ಉಲ್ಲಂಘನೆ ಮಾಡಿದರೆ ಬೋಟ್ ಗಳಿಗೆ ಸರ್ಕಾರದಿಂದ ನೀಡುವ ಮಾರಾಟ ಕರರಹಿತ ಡೀಸೆಲ್ ಹಾಗೂ ಯಾವುದೇ ಸಹಾಯ ಸೌಲಭ್ಯಗಳನ್ನು ರದ್ದುಗೊಳಿಸಲಾಗುವುದು.
